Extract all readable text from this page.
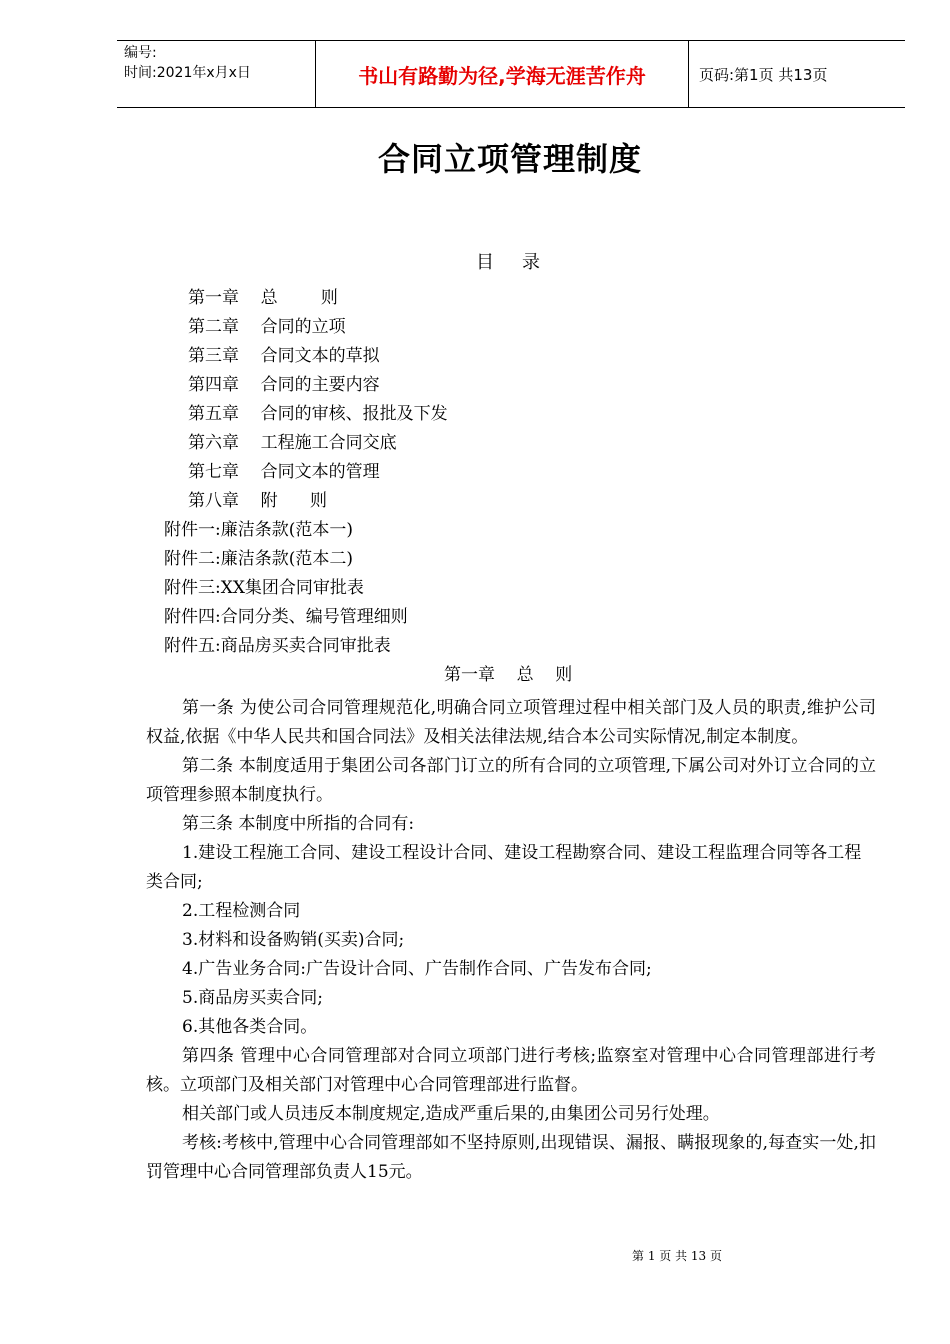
编号:
时间:2021年x月x日	书山有路勤为径,学海无涯苦作舟	页码:第1页 共13页
合同立项管理制度
目录
第一章    总        则
第二章    合同的立项
第三章    合同文本的草拟
第四章    合同的主要内容
第五章    合同的审核、报批及下发
第六章    工程施工合同交底
第七章    合同文本的管理
第八章    附      则
附件一:廉洁条款(范本一)
附件二:廉洁条款(范本二)
附件三:XX集团合同审批表
附件四:合同分类、编号管理细则
附件五:商品房买卖合同审批表
第一章    总    则

第一条 为使公司合同管理规范化,明确合同立项管理过程中相关部门及人员的职责,维护公司权益,依据《中华人民共和国合同法》及相关法律法规,结合本公司实际情况,制定本制度。

第二条 本制度适用于集团公司各部门订立的所有合同的立项管理,下属公司对外订立合同的立项管理参照本制度执行。

第三条 本制度中所指的合同有:

1.建设工程施工合同、建设工程设计合同、建设工程勘察合同、建设工程监理合同等各工程类合同;

2.工程检测合同

3.材料和设备购销(买卖)合同;

4.广告业务合同:广告设计合同、广告制作合同、广告发布合同;

5.商品房买卖合同;

6.其他各类合同。

第四条 管理中心合同管理部对合同立项部门进行考核;监察室对管理中心合同管理部进行考核。立项部门及相关部门对管理中心合同管理部进行监督。

相关部门或人员违反本制度规定,造成严重后果的,由集团公司另行处理。

考核:考核中,管理中心合同管理部如不坚持原则,出现错误、漏报、瞒报现象的,每查实一处,扣罚管理中心合同管理部负责人15元。

第 1 页 共 13 页
